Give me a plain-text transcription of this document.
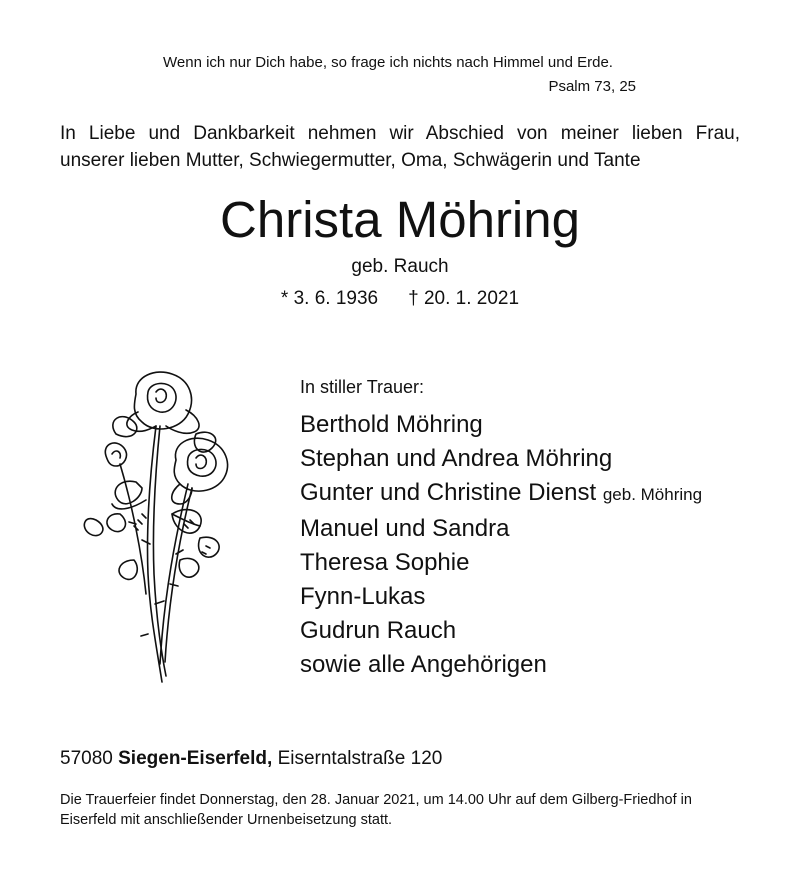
Wenn ich nur Dich habe, so frage ich nichts nach Himmel und Erde.
Psalm 73, 25
In Liebe und Dankbarkeit nehmen wir Abschied von meiner lieben Frau,
unserer lieben Mutter, Schwiegermutter, Oma, Schwägerin und Tante
Christa Möhring
geb. Rauch
* 3. 6. 1936 † 20. 1. 2021
In stiller Trauer:
Berthold Möhring
Stephan und Andrea Möhring
Gunter und Christine Dienst geb. Möhring
Manuel und Sandra
Theresa Sophie
Fynn-Lukas
Gudrun Rauch
sowie alle Angehörigen
57080 Siegen-Eiserfeld, Eiserntalstraße 120
Die Trauerfeier findet Donnerstag, den 28. Januar 2021, um 14.00 Uhr auf dem Gilberg-Friedhof in Eiserfeld mit anschließender Urnenbeisetzung statt.
